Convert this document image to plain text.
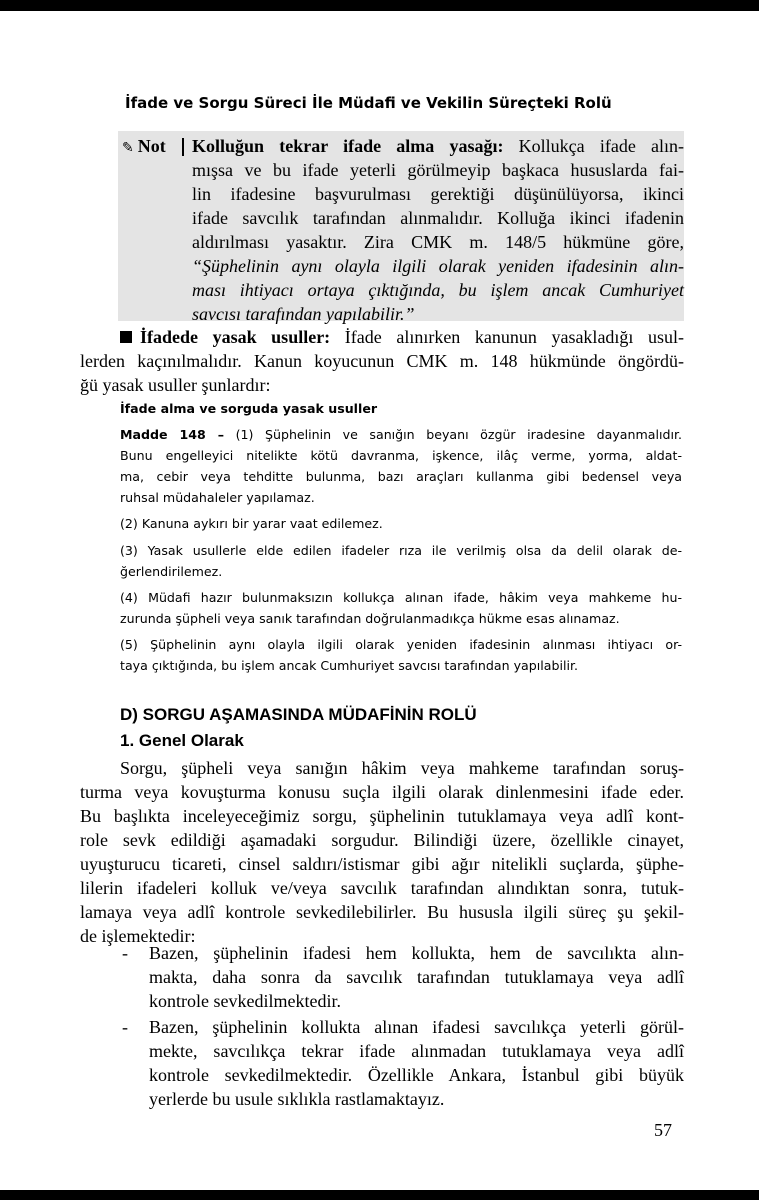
İfade ve Sorgu Süreci İle Müdafi ve Vekilin Süreçteki Rolü
✎ Not Kolluğun tekrar ifade alma yasağı: Kollukça ifade alın-
mışsa ve bu ifade yeterli görülmeyip başkaca hususlarda fai-
lin ifadesine başvurulması gerektiği düşünülüyorsa, ikinci
ifade savcılık tarafından alınmalıdır. Kolluğa ikinci ifadenin
aldırılması yasaktır. Zira CMK m. 148/5 hükmüne göre,
“Şüphelinin aynı olayla ilgili olarak yeniden ifadesinin alın-
ması ihtiyacı ortaya çıktığında, bu işlem ancak Cumhuriyet
savcısı tarafından yapılabilir.”
İfadede yasak usuller: İfade alınırken kanunun yasakladığı usul-
lerden kaçınılmalıdır. Kanun koyucunun CMK m. 148 hükmünde öngördü-
ğü yasak usuller şunlardır:
İfade alma ve sorguda yasak usuller
Madde 148 – (1) Şüphelinin ve sanığın beyanı özgür iradesine dayanmalıdır.
Bunu engelleyici nitelikte kötü davranma, işkence, ilâç verme, yorma, aldat-
ma, cebir veya tehditte bulunma, bazı araçları kullanma gibi bedensel veya
ruhsal müdahaleler yapılamaz.
(2) Kanuna aykırı bir yarar vaat edilemez.
(3) Yasak usullerle elde edilen ifadeler rıza ile verilmiş olsa da delil olarak de-
ğerlendirilemez.
(4) Müdafi hazır bulunmaksızın kollukça alınan ifade, hâkim veya mahkeme hu-
zurunda şüpheli veya sanık tarafından doğrulanmadıkça hükme esas alınamaz.
(5) Şüphelinin aynı olayla ilgili olarak yeniden ifadesinin alınması ihtiyacı or-
taya çıktığında, bu işlem ancak Cumhuriyet savcısı tarafından yapılabilir.
D) SORGU AŞAMASINDA MÜDAFİNİN ROLÜ
1. Genel Olarak
Sorgu, şüpheli veya sanığın hâkim veya mahkeme tarafından soruş-
turma veya kovuşturma konusu suçla ilgili olarak dinlenmesini ifade eder.
Bu başlıkta inceleyeceğimiz sorgu, şüphelinin tutuklamaya veya adlî kont-
role sevk edildiği aşamadaki sorgudur. Bilindiği üzere, özellikle cinayet,
uyuşturucu ticareti, cinsel saldırı/istismar gibi ağır nitelikli suçlarda, şüphe-
lilerin ifadeleri kolluk ve/veya savcılık tarafından alındıktan sonra, tutuk-
lamaya veya adlî kontrole sevkedilebilirler. Bu hususla ilgili süreç şu şekil-
de işlemektedir:
- Bazen, şüphelinin ifadesi hem kollukta, hem de savcılıkta alın-
makta, daha sonra da savcılık tarafından tutuklamaya veya adlî
kontrole sevkedilmektedir.
- Bazen, şüphelinin kollukta alınan ifadesi savcılıkça yeterli görül-
mekte, savcılıkça tekrar ifade alınmadan tutuklamaya veya adlî
kontrole sevkedilmektedir. Özellikle Ankara, İstanbul gibi büyük
yerlerde bu usule sıklıkla rastlamaktayız.
57
